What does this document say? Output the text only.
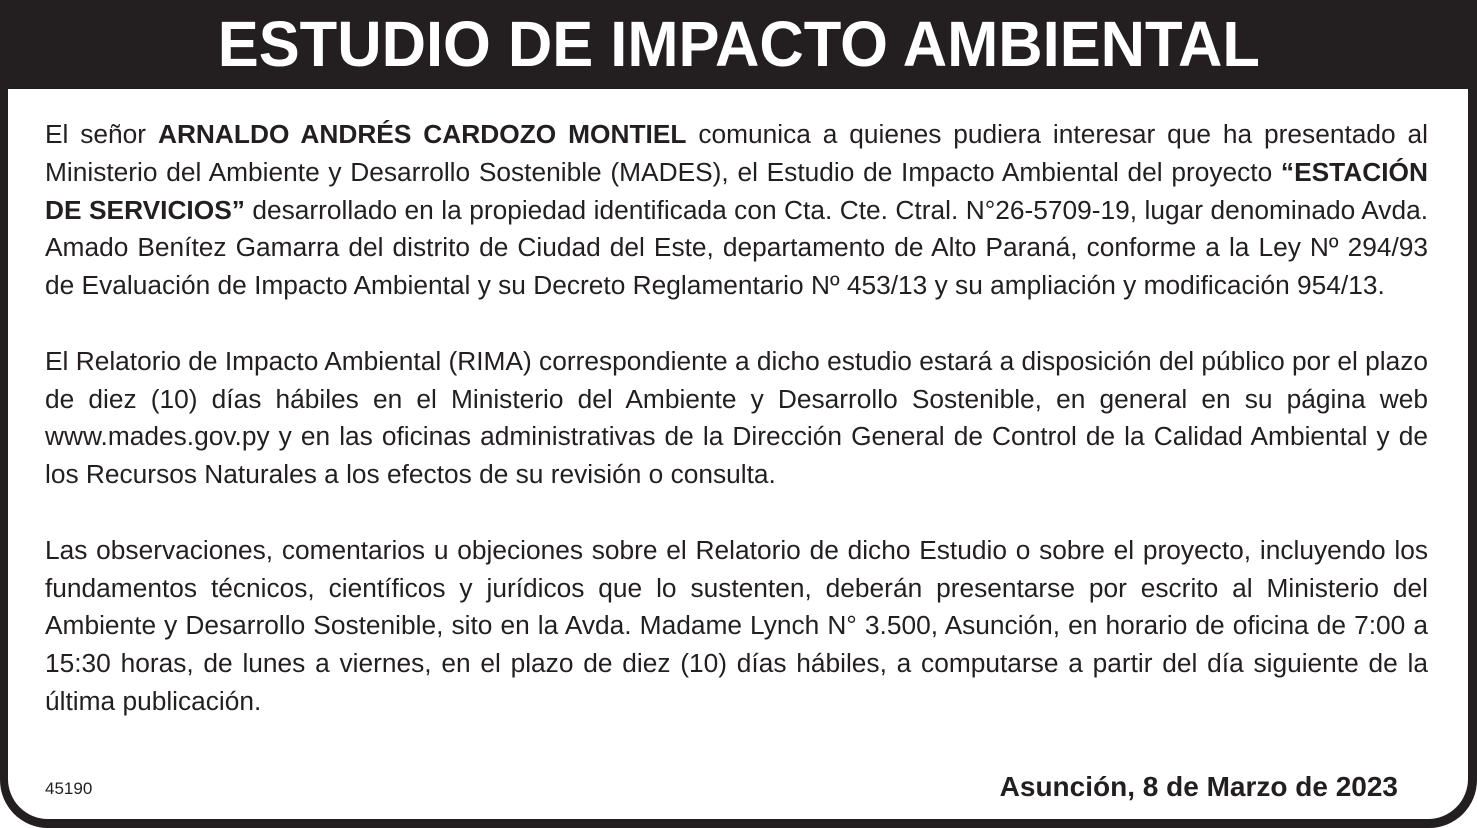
ESTUDIO DE IMPACTO AMBIENTAL

El señor ARNALDO ANDRÉS CARDOZO MONTIEL comunica a quienes pudiera interesar que ha presentado al Ministerio del Ambiente y Desarrollo Sostenible (MADES), el Estudio de Impacto Ambiental del proyecto “ESTACIÓN DE SERVICIOS” desarrollado en la propiedad identificada con Cta. Cte. Ctral. N°26-5709-19, lugar denominado Avda. Amado Benítez Gamarra del distrito de Ciudad del Este, departamento de Alto Paraná, conforme a la Ley Nº 294/93 de Evaluación de Impacto Ambiental y su Decreto Reglamentario Nº 453/13 y su ampliación y modificación 954/13.

El Relatorio de Impacto Ambiental (RIMA) correspondiente a dicho estudio estará a disposición del público por el plazo de diez (10) días hábiles en el Ministerio del Ambiente y Desarrollo Sostenible, en general en su página web www.mades.gov.py y en las oficinas administrativas de la Dirección General de Control de la Calidad Ambiental y de los Recursos Naturales a los efectos de su revisión o consulta.

Las observaciones, comentarios u objeciones sobre el Relatorio de dicho Estudio o sobre el proyecto, incluyendo los fundamentos técnicos, científicos y jurídicos que lo sustenten, deberán presentarse por escrito al Ministerio del Ambiente y Desarrollo Sostenible, sito en la Avda. Madame Lynch N° 3.500, Asunción, en horario de oficina de 7:00 a 15:30 horas, de lunes a viernes, en el plazo de diez (10) días hábiles, a computarse a partir del día siguiente de la última publicación.

45190	Asunción, 8 de Marzo de 2023
